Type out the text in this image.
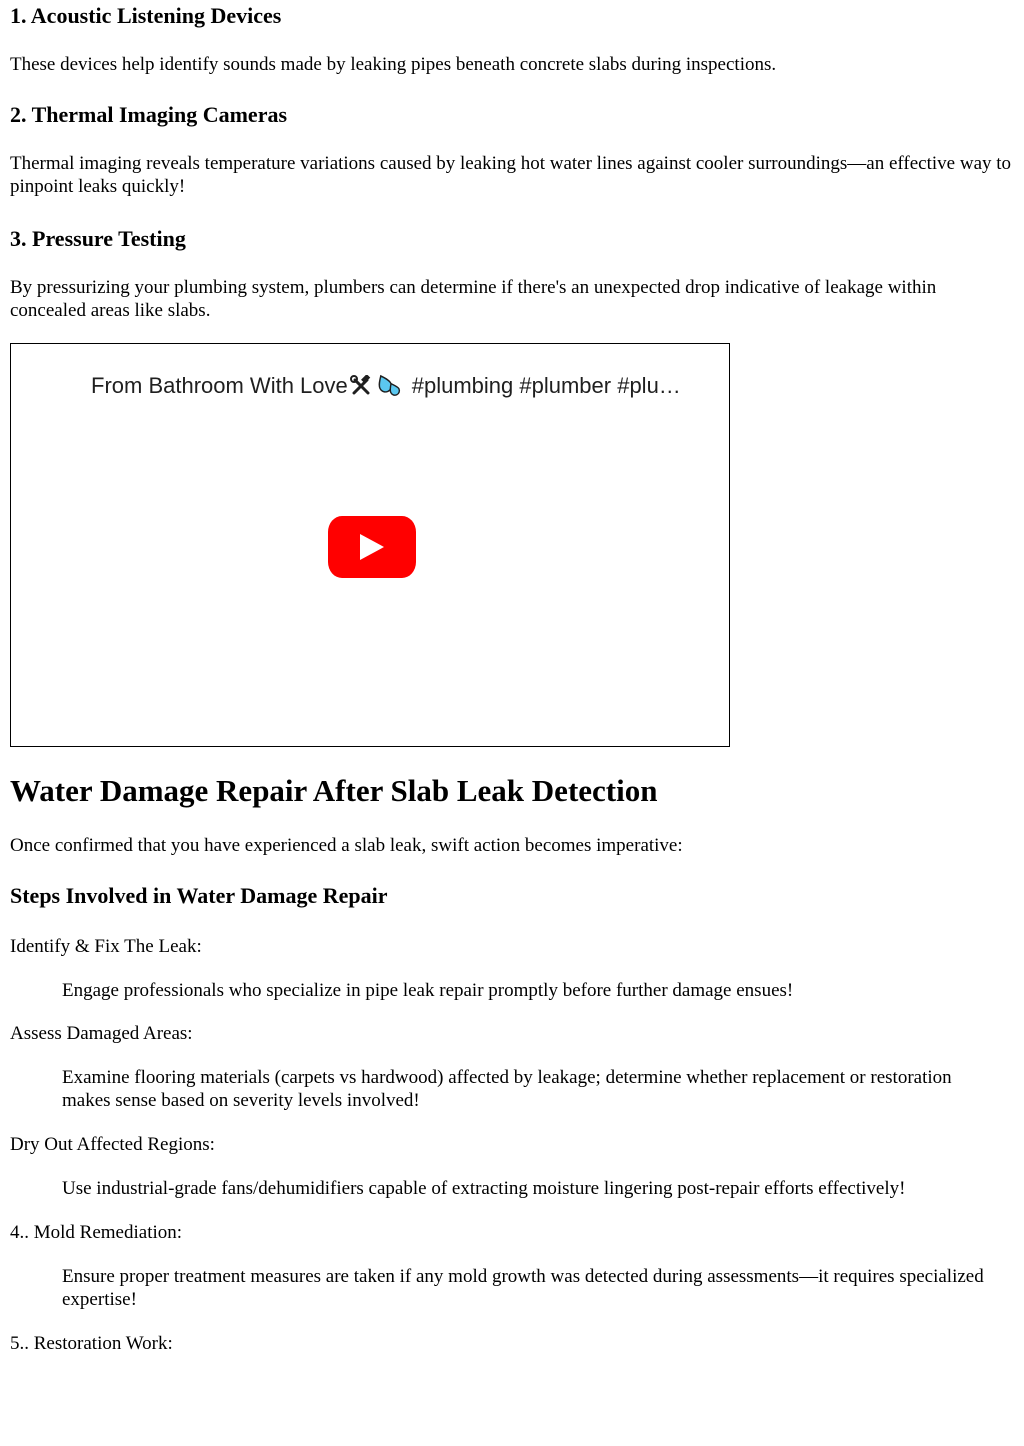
1. Acoustic Listening Devices

These devices help identify sounds made by leaking pipes beneath concrete slabs during inspections.

2. Thermal Imaging Cameras

Thermal imaging reveals temperature variations caused by leaking hot water lines against cooler surroundings—an effective way to pinpoint leaks quickly!

3. Pressure Testing

By pressurizing your plumbing system, plumbers can determine if there's an unexpected drop indicative of leakage within concealed areas like slabs.

From Bathroom With Love	#plumbing #plumber #plu…
Water Damage Repair After Slab Leak Detection

Once confirmed that you have experienced a slab leak, swift action becomes imperative:

Steps Involved in Water Damage Repair

Identify & Fix The Leak:

Engage professionals who specialize in pipe leak repair promptly before further damage ensues!

Assess Damaged Areas:

Examine flooring materials (carpets vs hardwood) affected by leakage; determine whether replacement or restoration makes sense based on severity levels involved!

Dry Out Affected Regions:

Use industrial-grade fans/dehumidifiers capable of extracting moisture lingering post-repair efforts effectively!

4.. Mold Remediation:

Ensure proper treatment measures are taken if any mold growth was detected during assessments—it requires specialized expertise!

5.. Restoration Work:
